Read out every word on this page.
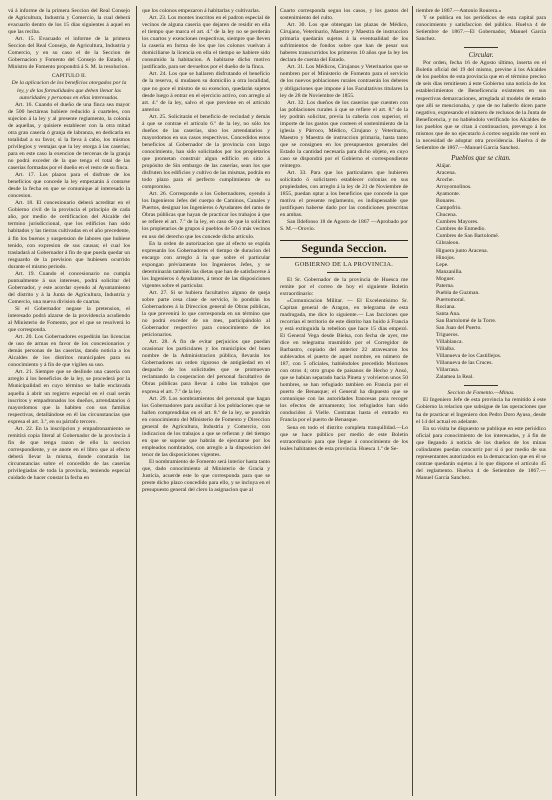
vá á informe de la primera Seccion del Real Consejo de Agricultura, Industria y Comercio, la cual deberá evacuarlo dentro de los 15 días siguientes á aquel en que las reciba.

Art. 15. Evacuado el informe de la primera Seccion del Real Consejo, de Agricultura, Industria y Comercio, y en su caso el de la Seccion de Gobernacion y Fomento del Consejo de Estado, el Ministro de Fomento propondrá á S. M. la resolucion.

CAPITULO II.

De la aplicacion de los beneficios otorgados por la ley, y de las formalidades que deben llenar las autoridades y personas en ellas interesadas.

Art. 16. Cuando el dueño de una finca sea mayor de 500 hectáreas hubiere reducido á cuarteles, con sujecion á la ley y al presente reglamento, la colonia de aquellas, y quisiere establecer con la otra mitad otra gran casería ó granja de labranza, en dedicarla en totalidad a su favor, si la lleva á cabo, los mismos privilegios y ventajas que la ley otorga á las caserías; para en este caso la exencion de tercenas de la granja no podrá exceder de la que tenga el total de las caserías formadas por el dueño en el resto de su finca.

Art. 17. Los plazos para el disfrute de los beneficios que concede la ley empezarán á contarse desde la fecha en que se comunique al interesado la concesion.

Art. 18. El concesionario deberá acreditar en el Gobierno civil de la provincia el principio de cada año, por medio de certificacion del Alcalde del termino jurisdiccional, que los edificios han sido habitados y las tierras cultivadas en el año precedente, á fin los buenos y suspension de labores que hubiese tenido, con expresion de sus causas; el cual los trasladará al Gobernador á fin de que pueda quedar un resguardo de la prevision que hubiesen ocurrido durante el mismo periodo.

Art. 19. Cuando el concesionario no cumpla puntualmente á sus intereses, podrá solicitar del Gobernador, y este acordar oyendo al Ayuntamiento del distrito y á la Junta de Agricultura, Industria y Comercio, una nueva division de cuartas.

Si el Gobernador negase la pretension, el interesado podrá alzarse de la providencia acudiendo al Ministerio de Fomento, por el que se resolverá lo que corresponda.

Art. 20. Los Gobernadores expedirán las licencias de uso de armas en favor de los concesionarios y demás personas de las caserías, dando noticia a los Alcaldes de los distritos municipales para su conocimiento y á fin de que vigilen su uso.

Art. 21. Siempre que se deslinde una casería con arreglo á los beneficios de la ley, se procederá por la Municipalidad en cuyo término se halle enclavada aquella á abrir un registro especial en el cual serán inscritos y empadronados los dueños, arrendatarios ó mayordomos que la habiten con sus familias respectivas, detallándose en él las circunstancias que expresa el art. 3.º, en su párrafo tercero.

Art. 22. En la inscripcion y empadronamiento se remitirá copia literal al Gobernador de la provincia á fin de que tenga razon de ello la seccion correspondiente, y se anote en el libro que al efecto deberá llevar la misma, donde constarán las circunstancias sobre el concedido de las caserías privilegiadas de toda la provincia, teniendo especial cuidado de hacer constar la fecha en

que los colonos empezaron á habitarlas y cultivarlas.

Art. 23. Los montes inscritos en el padron especial de vecinos de alguna casería que dejaren de residir en ella el tiempo que marca el art. 4.º de la ley no se perderán los cuartos y exenciones respectivas, siempre que lleven la casería en forma de los que los colonos vuelvan á domiciliarse la licencia en ella el tiempo se habiere sido consumido la habitacion. A habitarse dicho motivo justificado, para ser devueltos por el dueño de la finca.

Art. 24. Los que se hallaren disfrutando el beneficio de la reserva, si mudasen su domicilio a otra localidad, que no goce el mismo de su exencion, quedarán sujetos desde luego á entrar en el ejercicio activo, con arreglo al art. 4.º de la ley, salvo el que previene en el artículo anterior.

Art. 25. Solicitarán el beneficio de vecindad y demás á que se contrae el artículo 6.º de la ley, no sólo los dueños de las caserías, sino los arrendatarios y mayordomos en sus casos respectivos. Concedidos estos beneficios al Gobernador de la provincia con largo conocimiento, han sido solicitados por los propietarios que prometan construir algun edificio en sitio á propósito de Sin embargo de las caserías, sean los que disfruten los edificios y cultivo de las mismas, podrán en todo plazo para el perfecto cumplimiento de su compromiso.

Art. 26. Corresponde a los Gobernadores, oyendo á los Ingenieros Jefes del cuerpo de Caminos, Canales y Puertos, designar los Ingenieros ó Ayudantes del ramo de Obras públicas que hayan de practicar los trabajos á que se refiere el art. 7.º de la ley, en caso de que lo soliciten los propietarios de grupos ó pueblos de 50 ó más vecinos en uso del derecho que les concede dicho artículo.

En la orden de autorizacion que al efecto se expida expresarán los Gobernadores el tiempo de duracion del encargo con arreglo á la que sobre el particular expongan préviamente los Ingenieros Jefes, y se determinarán también las dietas que han de satisfacerse á los Ingenieros ó Ayudantes, á tenor de las disposiciones vigentes sobre el particular.

Art. 27. Si se hubiera facultativo alguno de queja sobre parte cesa clase de servicio, lo pondrán los Gobernadores á la Direccion general de Obras públicas, la que prevenirá lo que corresponda en un término que no podrá exceder de un mes, participándolo al Gobernador respectivo para conocimiento de los peticionarios.

Art. 28. A fin de evitar perjuicios que puedan ocasionar los particulares y los municipios del buen nombre de la Administracion pública, llevarán los Gobernadores un orden riguroso de antigüedad en el despacho de los solicitudes que se promuevan reclamando la cooperacion del personal facultativo de Obras públicas para llevar á cabo las trabajos que expresa el art. 7.º de la ley.

Art. 29. Los nombramientos del personal que hagan los Gobernadores para auxiliar á los poblaciones que se hallen comprendidas en el art. 8.º de la ley, se pondrán en conocimiento del Ministerio de Fomento y Direccion general de Agricultura, Industria y Comercio, con indicacion de los trabajos a que se refieran y del tiempo en que se supone que habrán de ejecutarse por los empleados nombrados, con arreglo a la disposicion del tenor de las disposiciones vigentes.

El nombramiento de Fomento será interior hasta tanto que, dado conocimiento al Ministerio de Gracia y Justicia, acuerde este lo que corresponda para que se preste dicho plazo concedido para ello, y se incluya en el presupuesto general del clero la asignacion que al

Cuarto corresponda segun los casos, y los gastos del sostenimiento del culto.

Art. 30. Los que obtengan las plazas de Médico, Cirujano, Veterinario, Maestro y Maestra de instruccion primaria quedarán sujetos á la eventualidad de los sufrimientos de fondos sobre que han de pesar sus haberes transcurridos los primeros 10 años que la ley les declara de cuenta del Estado.

Art. 31. Los Médicos, Cirujanos y Veterinarios que se nombren por el Ministerio de Fomento para el servicio de los nuevos poblaciones rurales contraerán los deberes y obligaciones que impone á los Facultativos titulares la ley de 28 de Noviembre de 1855.

Art. 32. Los dueños de los caseríos que cuenten con las poblaciones rurales á que se refiere el art. 8.º de la ley podrán solicitar, previa la cabería con superior, el importe de los gastos que costeen el sostenimiento de la iglesia y Párroco, Médico, Cirujano y Veterinario, Maestro y Maestra de instruccion primaria, hasta tanto que se consignen en los presupuestos generales del Estado la cantidad necesaria para dicho objeto, en cuyo caso se dispondrá por el Gobierno el correspondiente reintegro.

Art. 33. Para que los particulares que hubieren solicitado ó solicitaren establecer colonias en sus propiedades, con arreglo á la ley de 21 de Noviembre de 1855, puedan optar a los beneficios que concede la que motiva el presente reglamento, es indispensable que justifiquen haberse dado por las condiciones prescritas en ambas.

San Ildefonso 18 de Agosto de 1867 —Aprobado por S. M.—Orovio.

Segunda Seccion.

GOBIERNO DE LA PROVINCIA.

El Sr. Gobernador de la provincia de Huesca me remite por el correo de hoy el siguiente Boletin extraordinario:

«Comunicacion Militar. — El Excelentísimo Sr. Capitan general de Aragon, en telegrama de esta madrugada, me dice lo siguiente.— Las facciones que recorrían el territorio de este distrito han huido á Francia y está extinguida la rebelion que hace 15 días empezó. El General Vega desde Bielsa, con fecha de ayer, me dice en telegrama trasmitido por el Corregidor de Barbastro, copiado del anterior 22 atravesaron los sublevados el puerto de aquel nombre, en número de 187, con 5 oficiales, habiéndoles precedido Moriones con otros 4; otro grupo de paisanos de Hecho y Ansó, que se habían separado hacia Pineta y volvieron unos 50 hombres, se han refugiado tambien en Francia por el puerto de Benasque; el General ha dispuesto que se comunique con las autoridades francesas para recoger los efectos de armamento; los refugiados han sido conducidos á Vielle. Contratas hasta el entrado en Francia por el puerto de Benasque.

Sena en todo el distrito completa tranquilidad.—Lo que se hace público por medio de este Boletin extraordinario para que llegue á conocimiento de los leales habitantes de esta provincia. Huesca 1.º de Se-

tiembre de 1867.—Antonio Rourera.»

Y se publica en los periódicos de esta capital para conocimiento y satisfaccion del público. Huelva 4 de Setiembre de 1867.—El Gobernador, Manuel García Sanchez.

Circular.

Por orden, fecha 16 de Agosto último, inserta en el Boletin oficial del 19 del mismo, previne á los Alcaldes de los pueblos de esta provincia que en el término preciso de seis días remitiesen á este Gobierno una noticia de los establecimientos de Beneficencia existentes en sus respectivas demarcaciones, arreglada al modelo de estado que allí se mencionaba, y que de no haberlo dicen parte negativo, expresando el número de reclusos de la Junta de Beneficencia, y no habiéndolo verificado los Alcaldes de los pueblos que se citan á continuacion, prevengo á los mismos que de no ejecutarlo á correo seguido me veré en la necesidad de adoptar otra providencia. Huelva 4 de Setiembre de 1867.—Manuel García Sanchez.

Pueblos que se citan.

Alájar.
Aracena.
Aroche.
Arroyomolinos.
Ayamonte.
Bonares.
Campofrío.
Chucena.
Cumbres Mayores.
Cumbres de Enmedio.
Cumbres de San Bartolomé.
Gibraleon.
Higuera junto Aracena.
Hinojos.
Lepe.
Manzanilla.
Moguer.
Paterna.
Puebla de Guzman.
Puertomoral.
Rociana.
Santa Ana.
San Bartolomé de la Torre.
San Juan del Puerto.
Trigueros.
Villablanca.
Villalba.
Villanueva de los Castillejos.
Villanueva de las Cruces.
Villarrasa.
Zalamea la Real.

Seccion de Fomento.—Minas.

El Ingeniero Jefe de esta provincia ha remitido á este Gobierno la relacion que subsigue de las operaciones que ha de practicar el Ingeniero don Pedro Doro Ayuso, desde el 14 del actual en adelante.

En su visita he dispuesto se publique en este periódico oficial para conocimiento de los interesados, y á fin de que llegando á noticia de los dueños de los minas colindantes puedan concurrir por sí ó por medio de sus representantes autorizados en la demarcacion que en él se contrae quedarán sujetos á lo que dispone el artículo 45 del reglamento. Huelva 4 de Setiembre de 1867.—Manuel García Sanchez.
